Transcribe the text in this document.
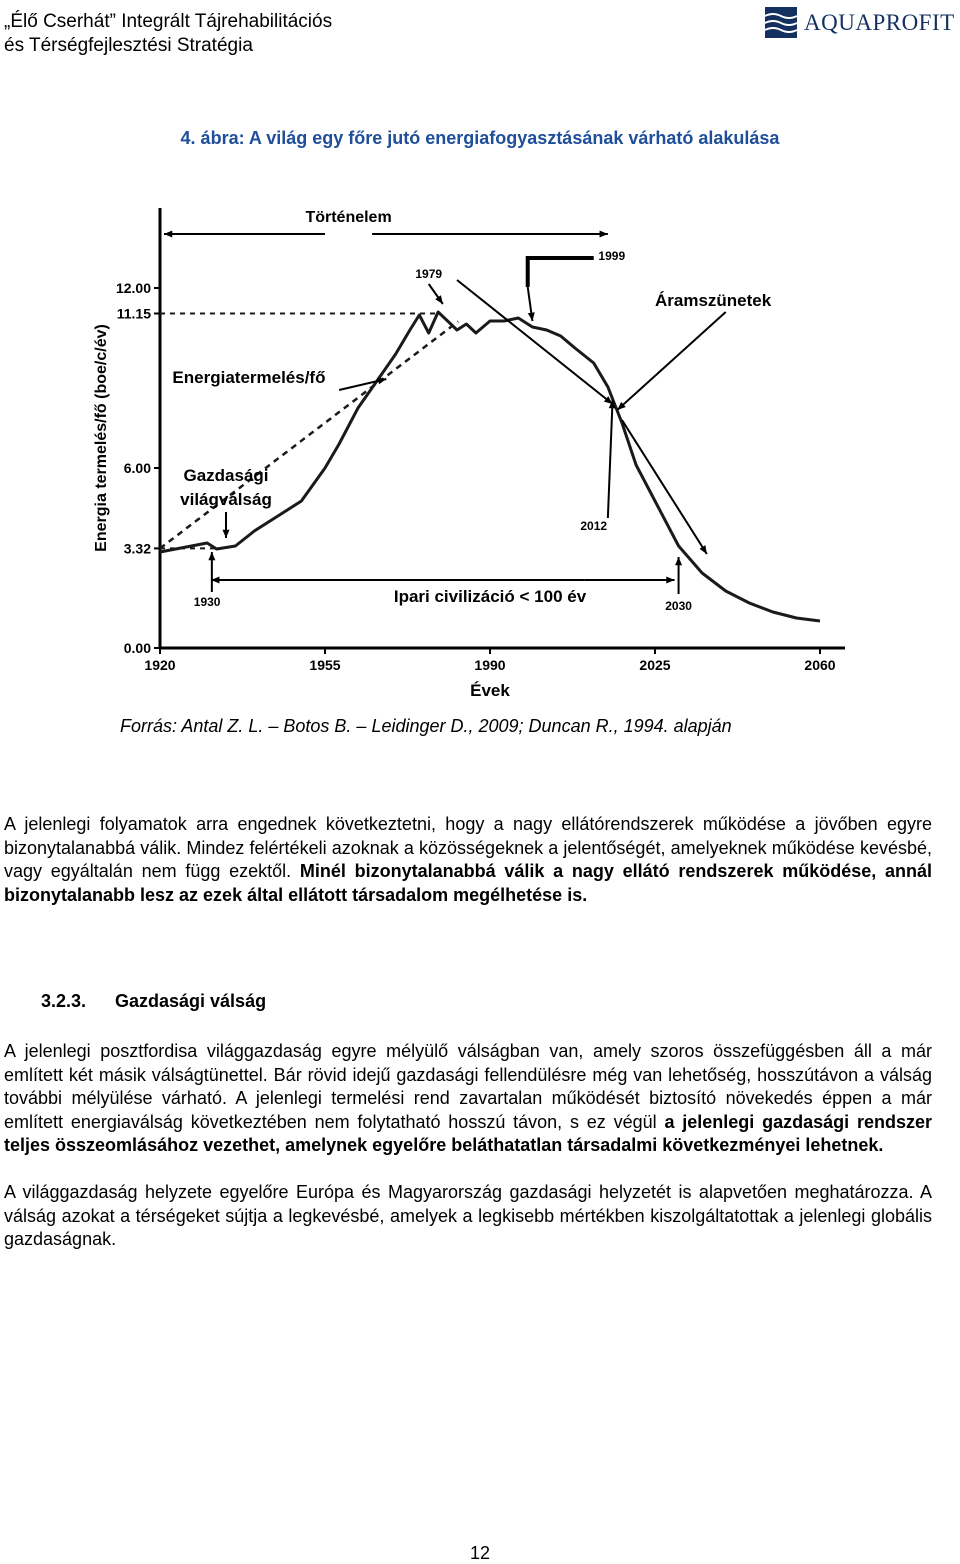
„Élő Cserhát” Integrált Tájrehabilitációs
és Térségfejlesztési Stratégia
AQUAPROFIT
4. ábra: A világ egy főre jutó energiafogyasztásának várható alakulása
1920	1955	1990	2025	2060
0.00
3.32
6.00
11.15
12.00
Energia termelés/fő (boe/c/év)
Évek
Történelem
1979
1999
Áramszünetek
Energiatermelés/fő
Gazdasági
világválság
2012
1930	2030
Ipari civilizáció < 100 év
Forrás: Antal Z. L. ‒ Botos B. ‒ Leidinger D., 2009; Duncan R., 1994. alapján
A jelenlegi folyamatok arra engednek következtetni, hogy a nagy ellátórendszerek működése a jövőben egyre bizonytalanabbá válik. Mindez felértékeli azoknak a közösségeknek a jelentőségét, amelyeknek működése kevésbé, vagy egyáltalán nem függ ezektől. Minél bizonytalanabbá válik a nagy ellátó rendszerek működése, annál bizonytalanabb lesz az ezek által ellátott társadalom megélhetése is.
3.2.3. Gazdasági válság
A jelenlegi posztfordisa világgazdaság egyre mélyülő válságban van, amely szoros összefüggésben áll a már említett két másik válságtünettel. Bár rövid idejű gazdasági fellendülésre még van lehetőség, hosszútávon a válság további mélyülése várható. A jelenlegi termelési rend zavartalan működését biztosító növekedés éppen a már említett energiaválság következtében nem folytatható hosszú távon, s ez végül a jelenlegi gazdasági rendszer teljes összeomlásához vezethet, amelynek egyelőre beláthatatlan társadalmi következményei lehetnek.
A világgazdaság helyzete egyelőre Európa és Magyarország gazdasági helyzetét is alapvetően meghatározza. A válság azokat a térségeket sújtja a legkevésbé, amelyek a legkisebb mértékben kiszolgáltatottak a jelenlegi globális gazdaságnak.
12
